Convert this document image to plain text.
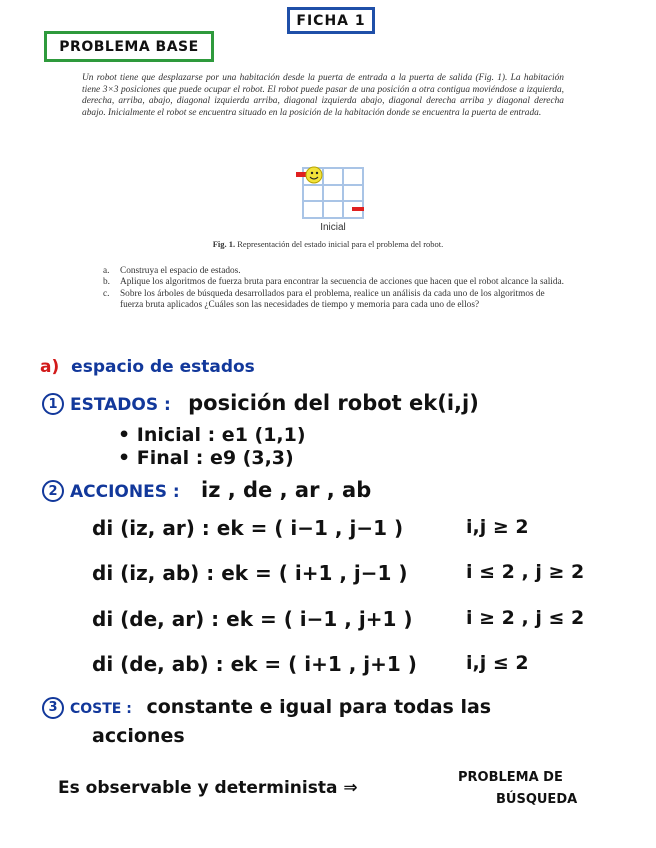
FICHA 1
PROBLEMA BASE
Un robot tiene que desplazarse por una habitación desde la puerta de entrada a la puerta de salida (Fig. 1). La habitación tiene 3×3 posiciones que puede ocupar el robot. El robot puede pasar de una posición a otra contigua moviéndose a izquierda, derecha, arriba, abajo, diagonal izquierda arriba, diagonal izquierda abajo, diagonal derecha arriba y diagonal derecha abajo. Inicialmente el robot se encuentra situado en la posición de la habitación donde se encuentra la puerta de entrada.
Inicial
Fig. 1. Representación del estado inicial para el problema del robot.
a.	Construya el espacio de estados.
b.	Aplique los algoritmos de fuerza bruta para encontrar la secuencia de acciones que hacen que el robot alcance la salida.
c.	Sobre los árboles de búsqueda desarrollados para el problema, realice un análisis da cada uno de los algoritmos de fuerza bruta aplicados ¿Cuáles son las necesidades de tiempo y memoria para cada uno de ellos?
a) espacio de estados
1 ESTADOS : posición del robot ek(i,j)
• Inicial : e1 (1,1)
• Final : e9 (3,3)
2 ACCIONES : iz , de , ar , ab
di (iz, ar) : ek = ( i−1 , j−1 )	i,j ≥ 2
di (iz, ab) : ek = ( i+1 , j−1 )	i ≤ 2 , j ≥ 2
di (de, ar) : ek = ( i−1 , j+1 )	i ≥ 2 , j ≤ 2
di (de, ab) : ek = ( i+1 , j+1 )	i,j ≤ 2
3 COSTE : constante e igual para todas las
acciones
Es observable y determinista ⇒
PROBLEMA DE
BÚSQUEDA
